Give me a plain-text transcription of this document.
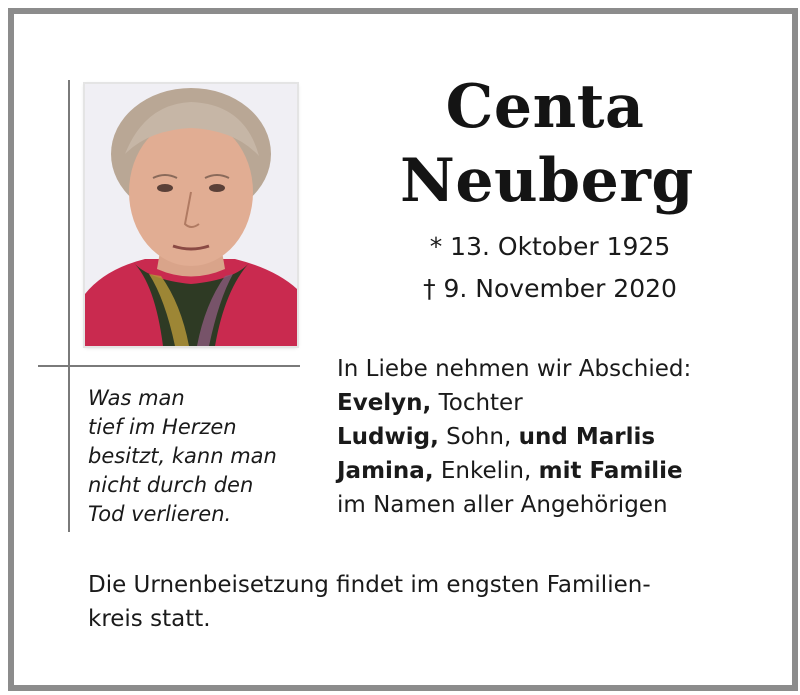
Centa
Neuberg
* 13. Oktober 1925
† 9. November 2020
Was man
tief im Herzen
besitzt, kann man
nicht durch den
Tod verlieren.
In Liebe nehmen wir Abschied:
Evelyn, Tochter
Ludwig, Sohn, und Marlis
Jamina, Enkelin, mit Familie
im Namen aller Angehörigen
Die Urnenbeisetzung findet im engsten Familien-
kreis statt.
